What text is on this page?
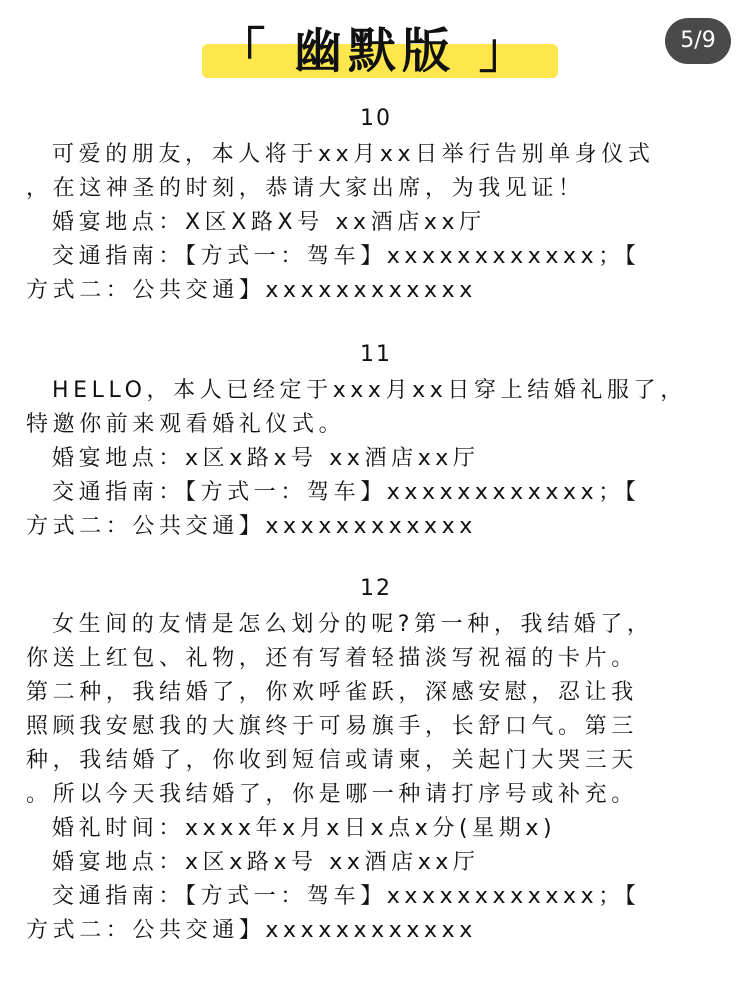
「 幽默版 」	5/9
10
可爱的朋友，本人将于xx月xx日举行告别单身仪式
，在这神圣的时刻，恭请大家出席，为我见证！
婚宴地点：X区X路X号 xx酒店xx厅
交通指南：【方式一：驾车】xxxxxxxxxxxx；【
方式二：公共交通】xxxxxxxxxxxx
11
HELLO，本人已经定于xxx月xx日穿上结婚礼服了，
特邀你前来观看婚礼仪式。
婚宴地点：x区x路x号 xx酒店xx厅
交通指南：【方式一：驾车】xxxxxxxxxxxx；【
方式二：公共交通】xxxxxxxxxxxx
12
女生间的友情是怎么划分的呢?第一种，我结婚了，
你送上红包、礼物，还有写着轻描淡写祝福的卡片。
第二种，我结婚了，你欢呼雀跃，深感安慰，忍让我
照顾我安慰我的大旗终于可易旗手，长舒口气。第三
种，我结婚了，你收到短信或请柬，关起门大哭三天
。所以今天我结婚了，你是哪一种请打序号或补充。
婚礼时间：xxxx年x月x日x点x分(星期x)
婚宴地点：x区x路x号 xx酒店xx厅
交通指南：【方式一：驾车】xxxxxxxxxxxx；【
方式二：公共交通】xxxxxxxxxxxx
